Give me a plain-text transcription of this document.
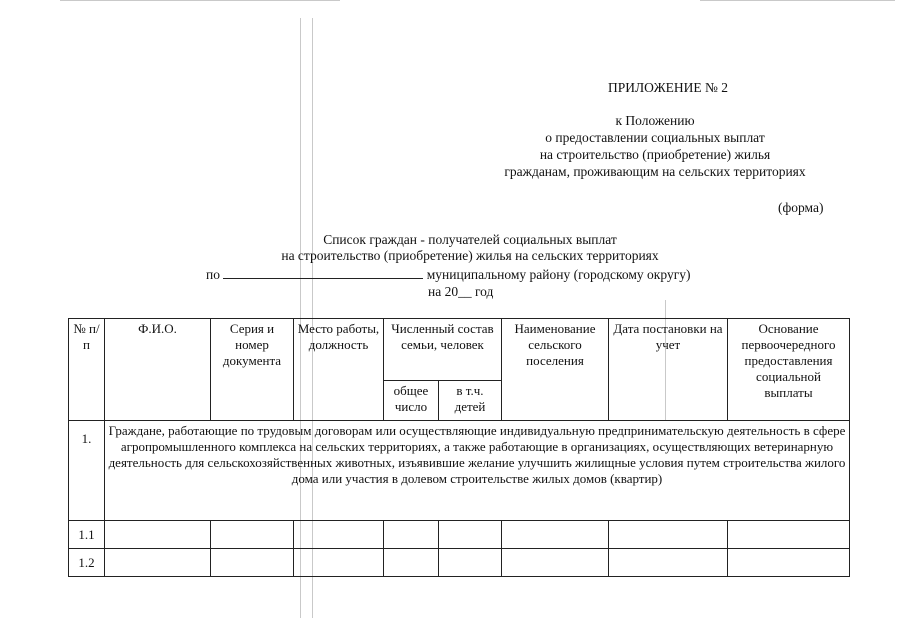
ПРИЛОЖЕНИЕ № 2
к Положению
о предоставлении социальных выплат
на строительство (приобретение) жилья
гражданам, проживающим на сельских территориях
(форма)
Список граждан - получателей социальных выплат
на строительство (приобретение) жилья на сельских территориях
по	муниципальному району (городскому округу)
на 20__ год
№ п/п	Ф.И.О.	Серия и номер документа	Место работы, должность	Численный состав семьи, человек		Наименование сельского поселения	Дата постановки на учет	Основание первоочередного предоставления социальной выплаты
				общее число	в т.ч. детей			
1.	Граждане, работающие по трудовым договорам или осуществляющие индивидуальную предпринимательскую деятельность в сфере агропромышленного комплекса на сельских территориях, а также работающие в организациях, осуществляющих ветеринарную деятельность для сельскохозяйственных животных, изъявившие желание улучшить жилищные условия путем строительства жилого дома или участия в долевом строительстве жилых домов (квартир)							
1.1								
1.2								
